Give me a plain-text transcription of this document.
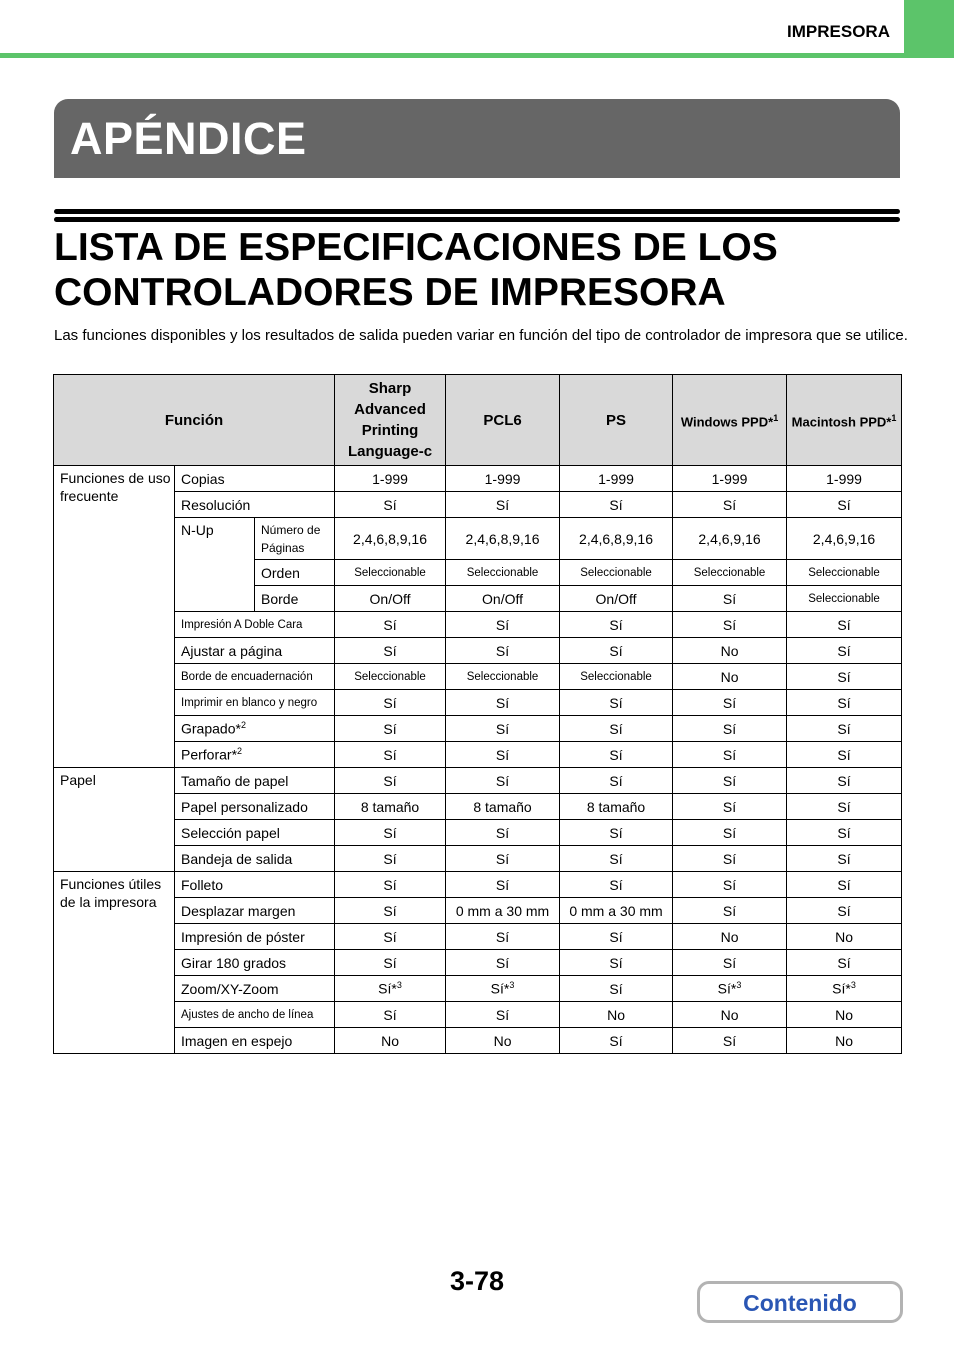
IMPRESORA
APÉNDICE
LISTA DE ESPECIFICACIONES DE LOS CONTROLADORES DE IMPRESORA

Las funciones disponibles y los resultados de salida pueden variar en función del tipo de controlador de impresora que se utilice.

Función			Sharp Advanced Printing Language-c	PCL6	PS	Windows PPD*$^1$	Macintosh PPD*$^1$
Funciones de uso frecuente	Copias		1-999	1-999	1-999	1-999	1-999
	Resolución		Sí	Sí	Sí	Sí	Sí
	N-Up	Número de Páginas	2,4,6,8,9,16	2,4,6,8,9,16	2,4,6,8,9,16	2,4,6,9,16	2,4,6,9,16
		Orden	Seleccionable	Seleccionable	Seleccionable	Seleccionable	Seleccionable
		Borde	On/Off	On/Off	On/Off	Sí	Seleccionable
	Impresión A Doble Cara		Sí	Sí	Sí	Sí	Sí
	Ajustar a página		Sí	Sí	Sí	No	Sí
	Borde de encuadernación		Seleccionable	Seleccionable	Seleccionable	No	Sí
	Imprimir en blanco y negro		Sí	Sí	Sí	Sí	Sí
	Grapado*$^2$		Sí	Sí	Sí	Sí	Sí
	Perforar*$^2$		Sí	Sí	Sí	Sí	Sí
Papel	Tamaño de papel		Sí	Sí	Sí	Sí	Sí
	Papel personalizado		8 tamaño	8 tamaño	8 tamaño	Sí	Sí
	Selección papel		Sí	Sí	Sí	Sí	Sí
	Bandeja de salida		Sí	Sí	Sí	Sí	Sí
Funciones útiles de la impresora	Folleto		Sí	Sí	Sí	Sí	Sí
	Desplazar margen		Sí	0 mm a 30 mm	0 mm a 30 mm	Sí	Sí
	Impresión de póster		Sí	Sí	Sí	No	No
	Girar 180 grados		Sí	Sí	Sí	Sí	Sí
	Zoom/XY-Zoom		Sí*$^3$	Sí*$^3$	Sí	Sí*$^3$	Sí*$^3$
	Ajustes de ancho de línea		Sí	Sí	No	No	No
	Imagen en espejo		No	No	Sí	Sí	No
3-78
Contenido
